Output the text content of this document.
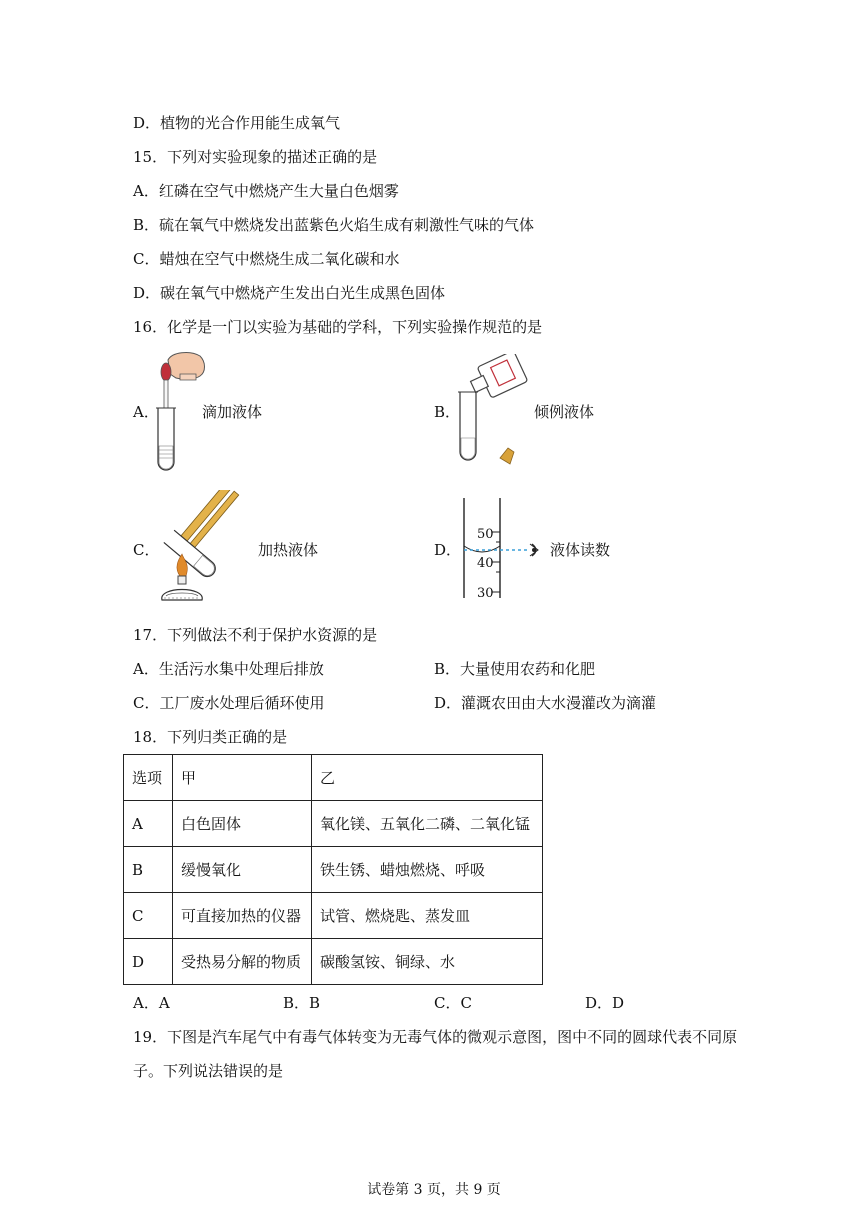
D．植物的光合作用能生成氧气
15．下列对实验现象的描述正确的是
A．红磷在空气中燃烧产生大量白色烟雾
B．硫在氧气中燃烧发出蓝紫色火焰生成有刺激性气味的气体
C．蜡烛在空气中燃烧生成二氧化碳和水
D．碳在氧气中燃烧产生发出白光生成黑色固体
16．化学是一门以实验为基础的学科，下列实验操作规范的是
A．	滴加液体	B．	倾例液体
C．	加热液体	D．
50
40
30
液体读数
17．下列做法不利于保护水资源的是
A．生活污水集中处理后排放	B．大量使用农药和化肥
C．工厂废水处理后循环使用	D．灌溉农田由大水漫灌改为滴灌
18．下列归类正确的是
选项	甲	乙
A	白色固体	氧化镁、五氧化二磷、二氧化锰
B	缓慢氧化	铁生锈、蜡烛燃烧、呼吸
C	可直接加热的仪器	试管、燃烧匙、蒸发皿
D	受热易分解的物质	碳酸氢铵、铜绿、水
A．A	B．B	C．C	D．D
19．下图是汽车尾气中有毒气体转变为无毒气体的微观示意图，图中不同的圆球代表不同原
子。下列说法错误的是
试卷第 3 页，共 9 页
